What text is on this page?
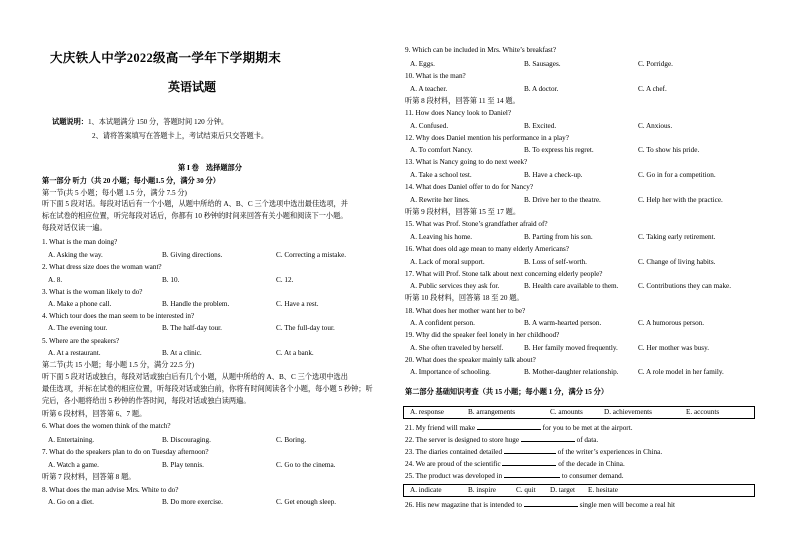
大庆铁人中学2022级高一学年下学期期末
英语试题
试题说明：1、本试题满分 150 分，答题时间 120 分钟。
2、请将答案填写在答题卡上，考试结束后只交答题卡。
第 I 卷　选择题部分
第一部分 听力（共 20 小题；每小题1.5 分，满分 30 分）
第一节(共 5 小题；每小题 1.5 分，满分 7.5 分)
听下面 5 段对话。每段对话后有一个小题，从题中所给的 A、B、C 三个选项中选出最佳选项，并
标在试卷的相应位置，听完每段对话后，你都有 10 秒钟的时间来回答有关小题和阅读下一小题。
每段对话仅读一遍。
1. What is the man doing?
A. Asking the way.	B. Giving directions.	C. Correcting a mistake.
2. What dress size does the woman want?
A. 8.	B. 10.	C. 12.
3. What is the woman likely to do?
A. Make a phone call.	B. Handle the problem.	C. Have a rest.
4. Which tour does the man seem to be interested in?
A. The evening tour.	B. The half-day tour.	C. The full-day tour.
5. Where are the speakers?
A. At a restaurant.	B. At a clinic.	C. At a bank.
第二节(共 15 小题；每小题 1.5 分，满分 22.5 分)
听下面 5 段对话或独白，每段对话或独白后有几个小题，从题中所给的 A、B、C 三个选项中选出
最佳选项，并标在试卷的相应位置，听每段对话或独白前，你将有时间阅读各个小题，每小题 5 秒钟；听
完后，各小题将给出 5 秒钟的作答时间，每段对话或独白读两遍。
听第 6 段材料，回答第 6、7 题。
6. What does the women think of the match?
A. Entertaining.	B. Discouraging.	C. Boring.
7. What do the speakers plan to do on Tuesday afternoon?
A. Watch a game.	B. Play tennis.	C. Go to the cinema.
听第 7 段材料，回答第 8 题。
8. What does the man advise Mrs. White to do?
A. Go on a diet.	B. Do more exercise.	C. Get enough sleep.
9. Which can be included in Mrs. White’s breakfast?
A. Eggs.	B. Sausages.	C. Porridge.
10. What is the man?
A. A teacher.	B. A doctor.	C. A chef.
听第 8 段材料，回答第 11 至 14 题。
11. How does Nancy look to Daniel?
A. Confused.	B. Excited.	C. Anxious.
12. Why does Daniel mention his performance in a play?
A. To comfort Nancy.	B. To express his regret.	C. To show his pride.
13. What is Nancy going to do next week?
A. Take a school test.	B. Have a check-up.	C. Go in for a competition.
14. What does Daniel offer to do for Nancy?
A. Rewrite her lines.	B. Drive her to the theatre.	C. Help her with the practice.
听第 9 段材料，回答第 15 至 17 题。
15. What was Prof. Stone’s grandfather afraid of?
A. Leaving his home.	B. Parting from his son.	C. Taking early retirement.
16. What does old age mean to many elderly Americans?
A. Lack of moral support.	B. Loss of self-worth.	C. Change of living habits.
17. What will Prof. Stone talk about next concerning elderly people?
A. Public services they ask for.	B. Health care available to them.	C. Contributions they can make.
听第 10 段材料，回答第 18 至 20 题。
18. What does her mother want her to be?
A. A confident person.	B. A warm-hearted person.	C. A humorous person.
19. Why did the speaker feel lonely in her childhood?
A. She often traveled by herself.	B. Her family moved frequently.	C. Her mother was busy.
20. What does the speaker mainly talk about?
A. Importance of schooling.	B. Mother-daughter relationship.	C. A role model in her family.
第二部分 基础知识考查（共 15 小题；每小题 1 分，满分 15 分）
A. response	B. arrangements	C. amounts	D. achievements	E. accounts
21. My friend will make	for you to be met at the airport.
22. The server is designed to store huge	of data.
23. The diaries contained detailed	of the writer’s experiences in China.
24. We are proud of the scientific	of the decade in China.
25. The product was developed in	to consumer demand.
A. indicate	B. inspire	C. quit D. target E. hesitate
26. His new magazine that is intended to	single men will become a real hit
